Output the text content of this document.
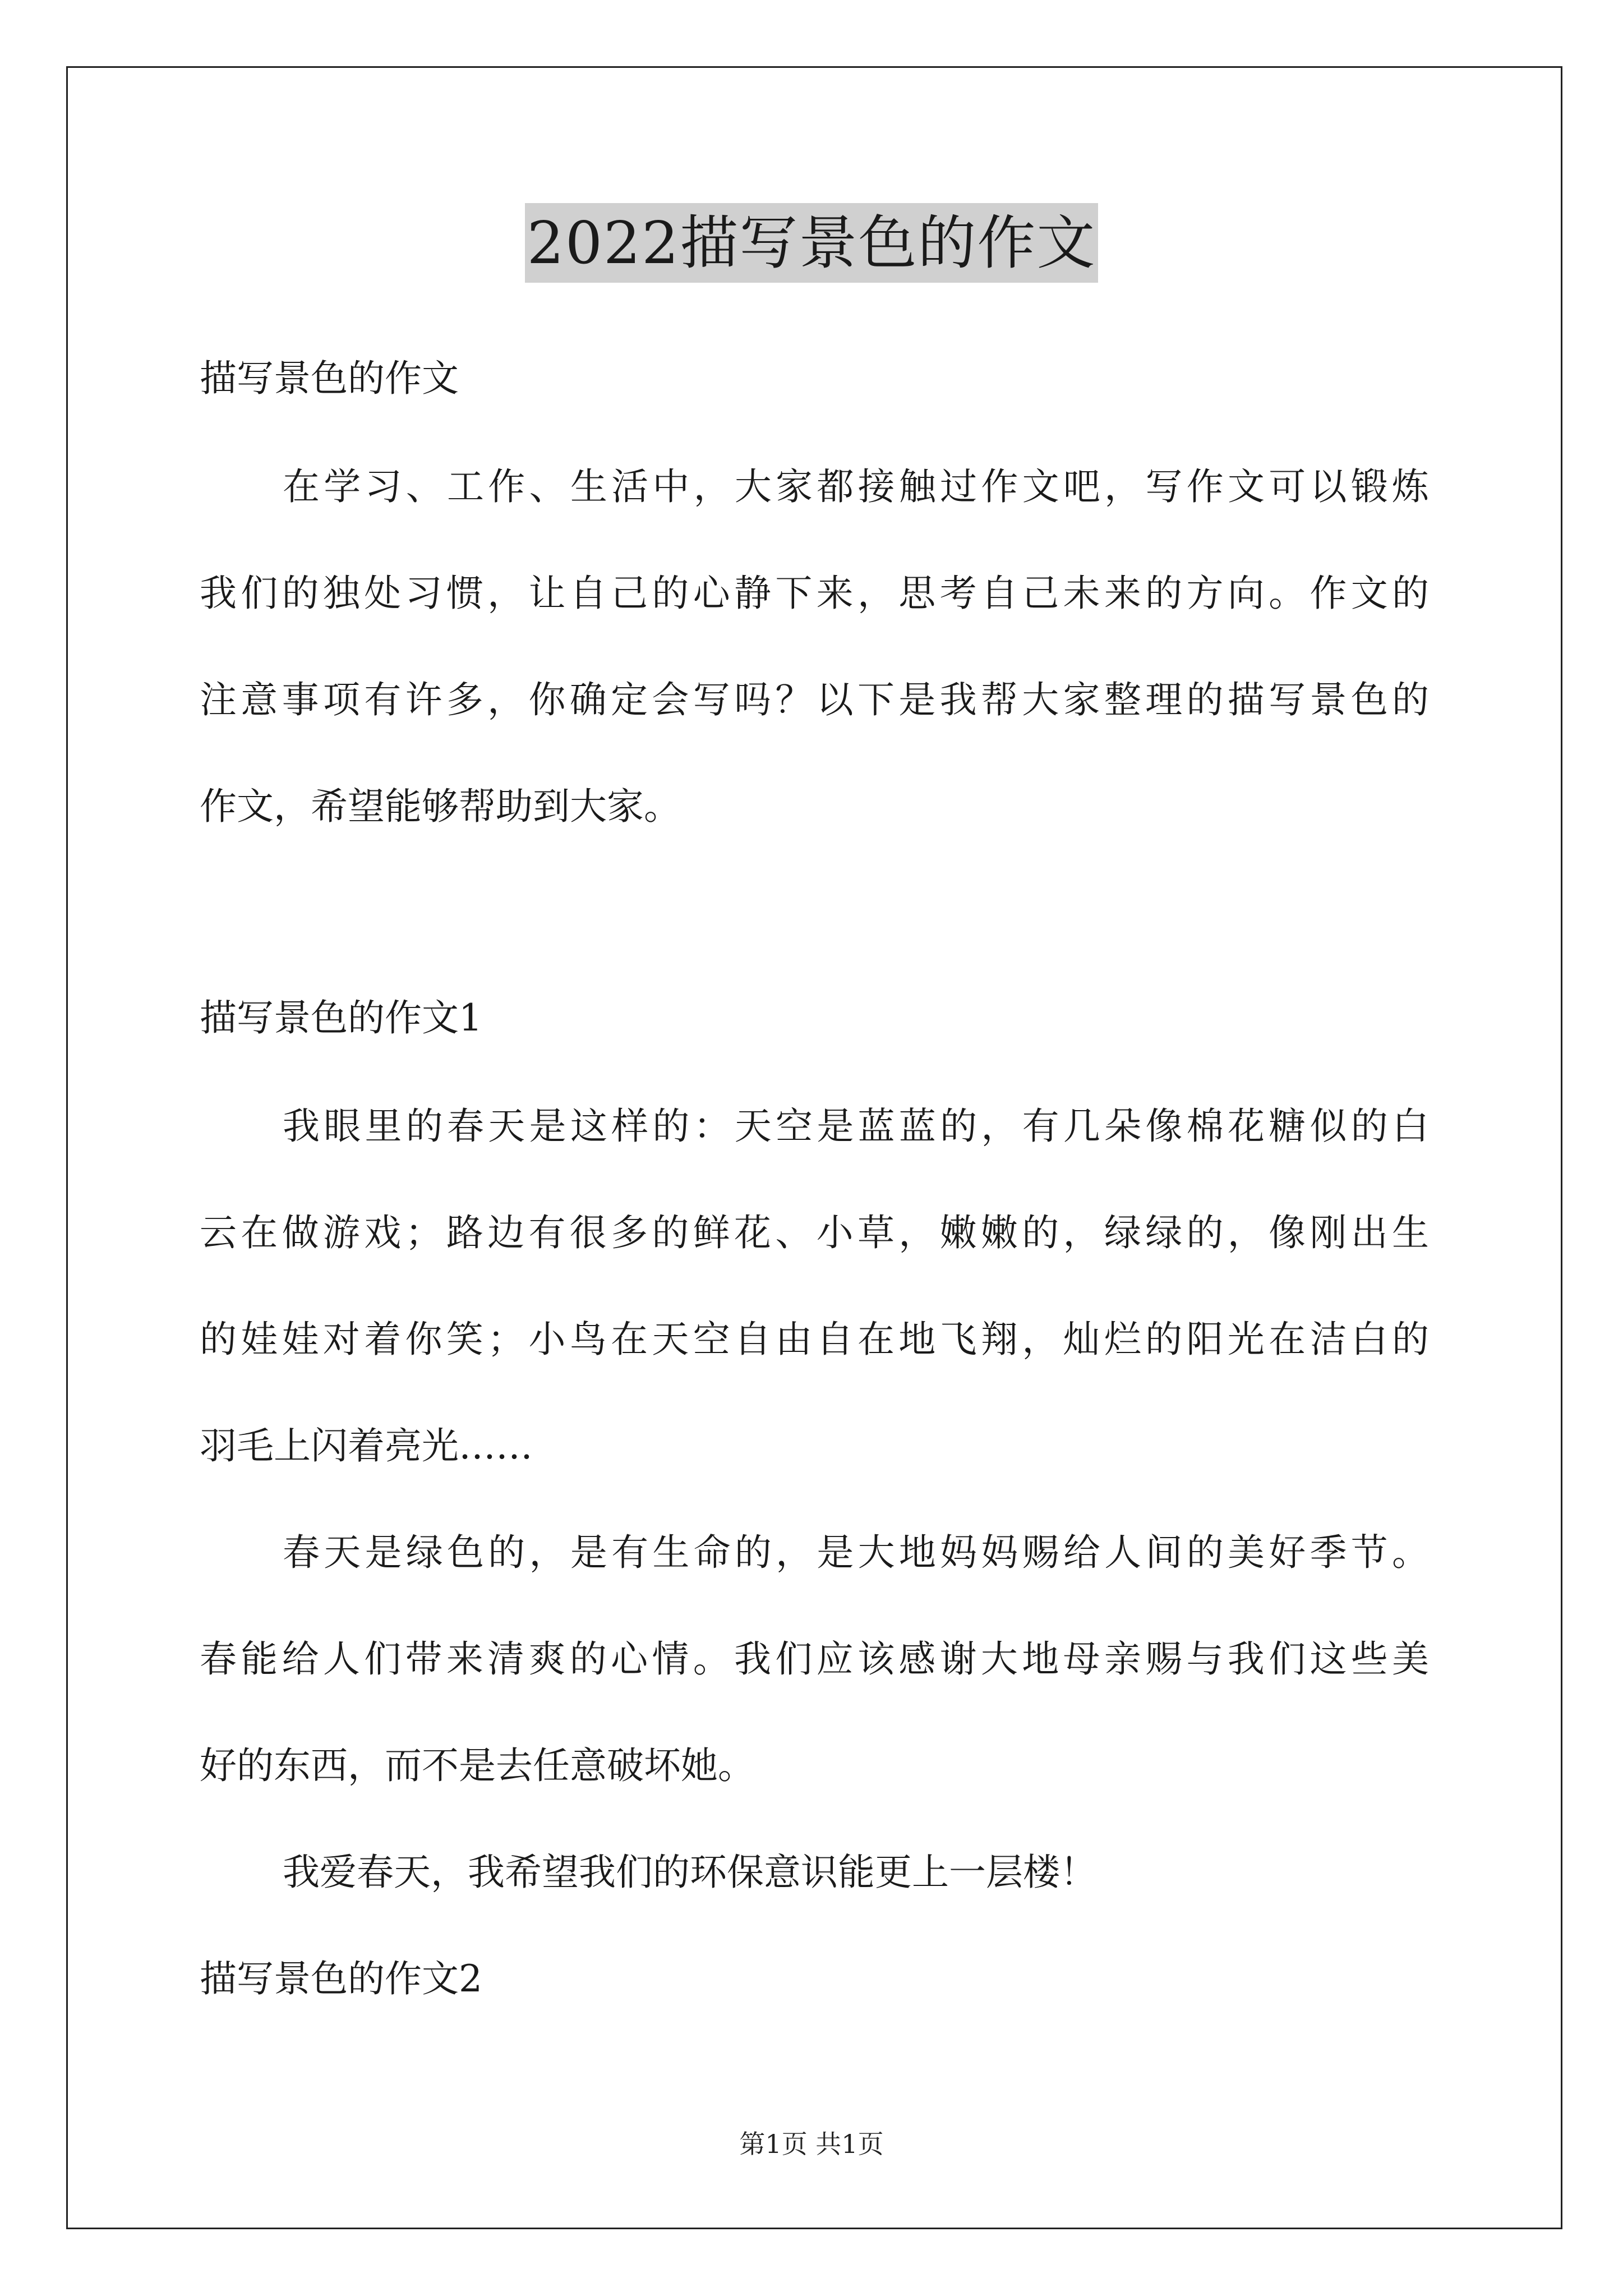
2022描写景色的作文
描写景色的作文
在学习、工作、生活中，大家都接触过作文吧，写作文可以锻炼
我们的独处习惯，让自己的心静下来，思考自己未来的方向。作文的
注意事项有许多，你确定会写吗？以下是我帮大家整理的描写景色的
作文，希望能够帮助到大家。
描写景色的作文1
我眼里的春天是这样的：天空是蓝蓝的，有几朵像棉花糖似的白
云在做游戏；路边有很多的鲜花、小草，嫩嫩的，绿绿的，像刚出生
的娃娃对着你笑；小鸟在天空自由自在地飞翔，灿烂的阳光在洁白的
羽毛上闪着亮光……
春天是绿色的，是有生命的，是大地妈妈赐给人间的美好季节。
春能给人们带来清爽的心情。我们应该感谢大地母亲赐与我们这些美
好的东西，而不是去任意破坏她。
我爱春天，我希望我们的环保意识能更上一层楼！
描写景色的作文2
第1页 共1页
